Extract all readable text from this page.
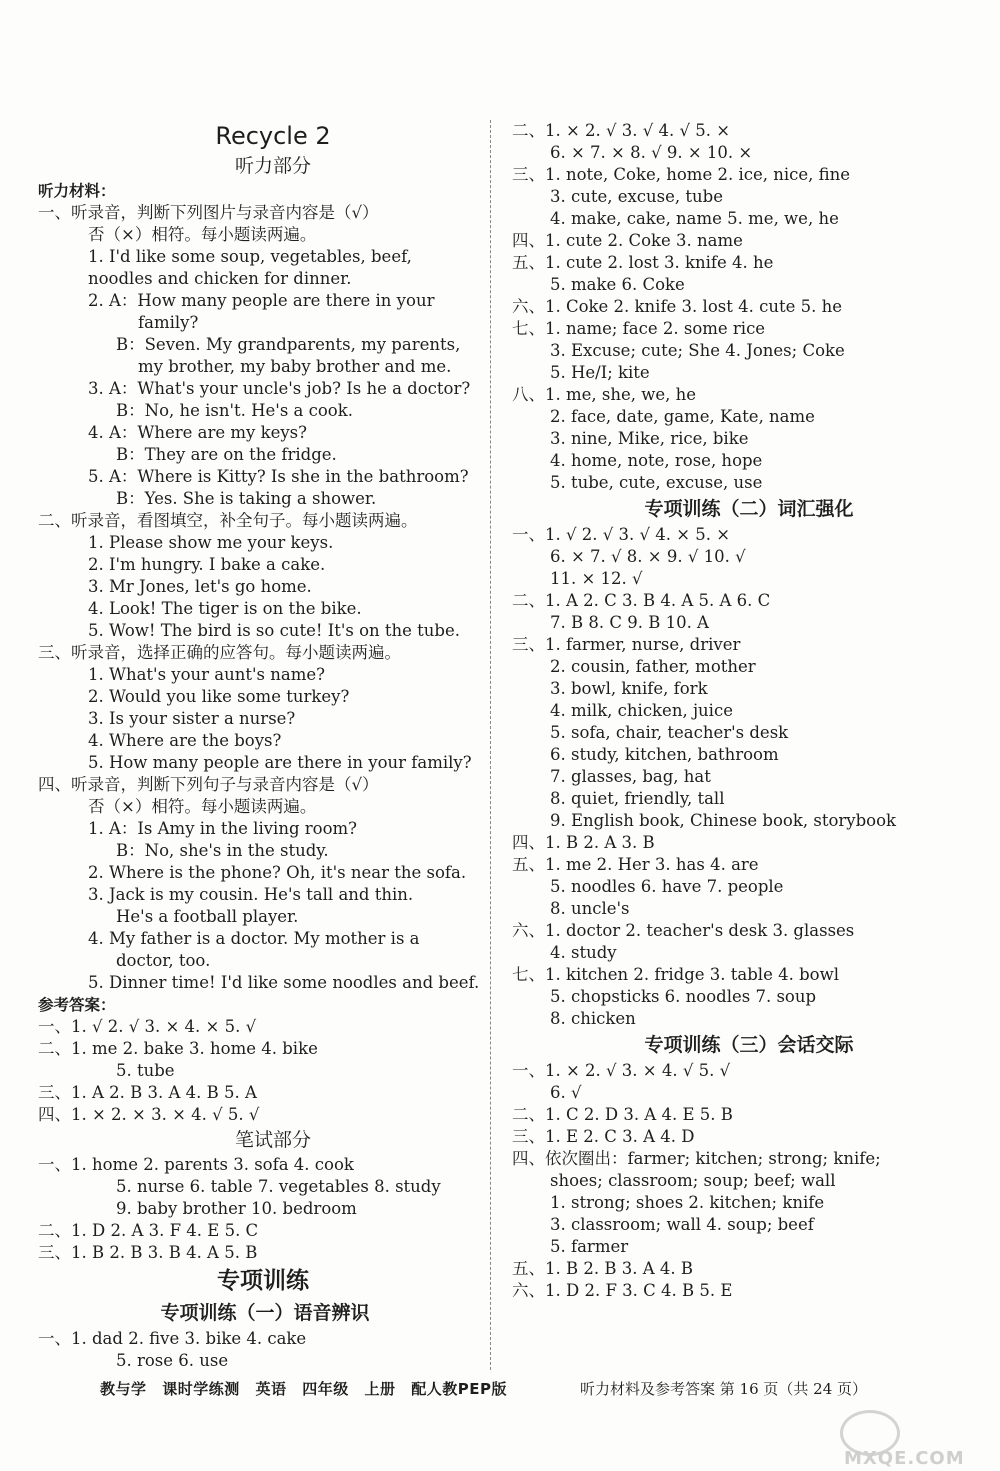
Recycle 2
听力部分
听力材料：
一、听录音，判断下列图片与录音内容是（√）
否（×）相符。每小题读两遍。
1. I'd like some soup, vegetables, beef,
noodles and chicken for dinner.
2. A：How many people are there in your
family?
B：Seven. My grandparents, my parents,
my brother, my baby brother and me.
3. A：What's your uncle's job? Is he a doctor?
B：No, he isn't. He's a cook.
4. A：Where are my keys?
B：They are on the fridge.
5. A：Where is Kitty? Is she in the bathroom?
B：Yes. She is taking a shower.
二、听录音，看图填空，补全句子。每小题读两遍。
1. Please show me your keys.
2. I'm hungry. I bake a cake.
3. Mr Jones, let's go home.
4. Look! The tiger is on the bike.
5. Wow! The bird is so cute! It's on the tube.
三、听录音，选择正确的应答句。每小题读两遍。
1. What's your aunt's name?
2. Would you like some turkey?
3. Is your sister a nurse?
4. Where are the boys?
5. How many people are there in your family?
四、听录音，判断下列句子与录音内容是（√）
否（×）相符。每小题读两遍。
1. A：Is Amy in the living room?
B：No, she's in the study.
2. Where is the phone? Oh, it's near the sofa.
3. Jack is my cousin. He's tall and thin.
He's a football player.
4. My father is a doctor. My mother is a
doctor, too.
5. Dinner time! I'd like some noodles and beef.
参考答案：
一、1. √ 2. √ 3. × 4. × 5. √
二、1. me 2. bake 3. home 4. bike
5. tube
三、1. A 2. B 3. A 4. B 5. A
四、1. × 2. × 3. × 4. √ 5. √
笔试部分
一、1. home 2. parents 3. sofa 4. cook
5. nurse 6. table 7. vegetables 8. study
9. baby brother 10. bedroom
二、1. D 2. A 3. F 4. E 5. C
三、1. B 2. B 3. B 4. A 5. B
专项训练
专项训练（一）语音辨识
一、1. dad 2. five 3. bike 4. cake
5. rose 6. use
二、1. × 2. √ 3. √ 4. √ 5. ×
6. × 7. × 8. √ 9. × 10. ×
三、1. note, Coke, home 2. ice, nice, fine
3. cute, excuse, tube
4. make, cake, name 5. me, we, he
四、1. cute 2. Coke 3. name
五、1. cute 2. lost 3. knife 4. he
5. make 6. Coke
六、1. Coke 2. knife 3. lost 4. cute 5. he
七、1. name; face 2. some rice
3. Excuse; cute; She 4. Jones; Coke
5. He/I; kite
八、1. me, she, we, he
2. face, date, game, Kate, name
3. nine, Mike, rice, bike
4. home, note, rose, hope
5. tube, cute, excuse, use
专项训练（二）词汇强化
一、1. √ 2. √ 3. √ 4. × 5. ×
6. × 7. √ 8. × 9. √ 10. √
11. × 12. √
二、1. A 2. C 3. B 4. A 5. A 6. C
7. B 8. C 9. B 10. A
三、1. farmer, nurse, driver
2. cousin, father, mother
3. bowl, knife, fork
4. milk, chicken, juice
5. sofa, chair, teacher's desk
6. study, kitchen, bathroom
7. glasses, bag, hat
8. quiet, friendly, tall
9. English book, Chinese book, storybook
四、1. B 2. A 3. B
五、1. me 2. Her 3. has 4. are
5. noodles 6. have 7. people
8. uncle's
六、1. doctor 2. teacher's desk 3. glasses
4. study
七、1. kitchen 2. fridge 3. table 4. bowl
5. chopsticks 6. noodles 7. soup
8. chicken
专项训练（三）会话交际
一、1. × 2. √ 3. × 4. √ 5. √
6. √
二、1. C 2. D 3. A 4. E 5. B
三、1. E 2. C 3. A 4. D
四、依次圈出：farmer; kitchen; strong; knife;
shoes; classroom; soup; beef; wall
1. strong; shoes 2. kitchen; knife
3. classroom; wall 4. soup; beef
5. farmer
五、1. B 2. B 3. A 4. B
六、1. D 2. F 3. C 4. B 5. E
教与学 课时学练测 英语 四年级 上册 配人教PEP版	听力材料及参考答案 第 16 页（共 24 页）
MXQE.COM
